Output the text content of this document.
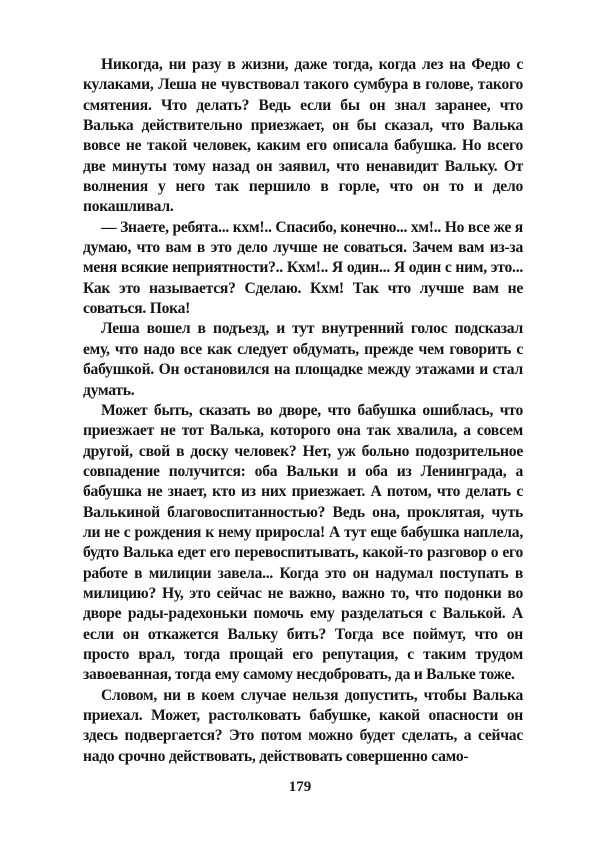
Никогда, ни разу в жизни, даже тогда, когда лез на Федю с кулаками, Леша не чувствовал такого сумбура в голове, такого смятения. Что делать? Ведь если бы он знал заранее, что Валька действительно приезжает, он бы сказал, что Валька вовсе не такой человек, каким его описала бабушка. Но всего две минуты тому назад он заявил, что ненавидит Вальку. От волнения у него так першило в горле, что он то и дело покашливал.

— Знаете, ребята... кхм!.. Спасибо, конечно... хм!.. Но все же я думаю, что вам в это дело лучше не соваться. Зачем вам из-за меня всякие неприятности?.. Кхм!.. Я один... Я один с ним, это... Как это называется? Сделаю. Кхм! Так что лучше вам не соваться. Пока!

Леша вошел в подъезд, и тут внутренний голос подсказал ему, что надо все как следует обдумать, прежде чем говорить с бабушкой. Он остановился на площадке между этажами и стал думать.

Может быть, сказать во дворе, что бабушка ошиблась, что приезжает не тот Валька, которого она так хвалила, а совсем другой, свой в доску человек? Нет, уж больно подозрительное совпадение получится: оба Вальки и оба из Ленинграда, а бабушка не знает, кто из них приезжает. А потом, что делать с Валькиной благовоспитанностью? Ведь она, проклятая, чуть ли не с рождения к нему приросла! А тут еще бабушка наплела, будто Валька едет его перевоспитывать, какой-то разговор о его работе в милиции завела... Когда это он надумал поступать в милицию? Ну, это сейчас не важно, важно то, что подонки во дворе рады-радехоньки помочь ему разделаться с Валькой. А если он откажется Вальку бить? Тогда все поймут, что он просто врал, тогда прощай его репутация, с таким трудом завоеванная, тогда ему самому несдобровать, да и Вальке тоже.

Словом, ни в коем случае нельзя допустить, чтобы Валька приехал. Может, растолковать бабушке, какой опасности он здесь подвергается? Это потом можно будет сделать, а сейчас надо срочно действовать, действовать совершенно само-

179
